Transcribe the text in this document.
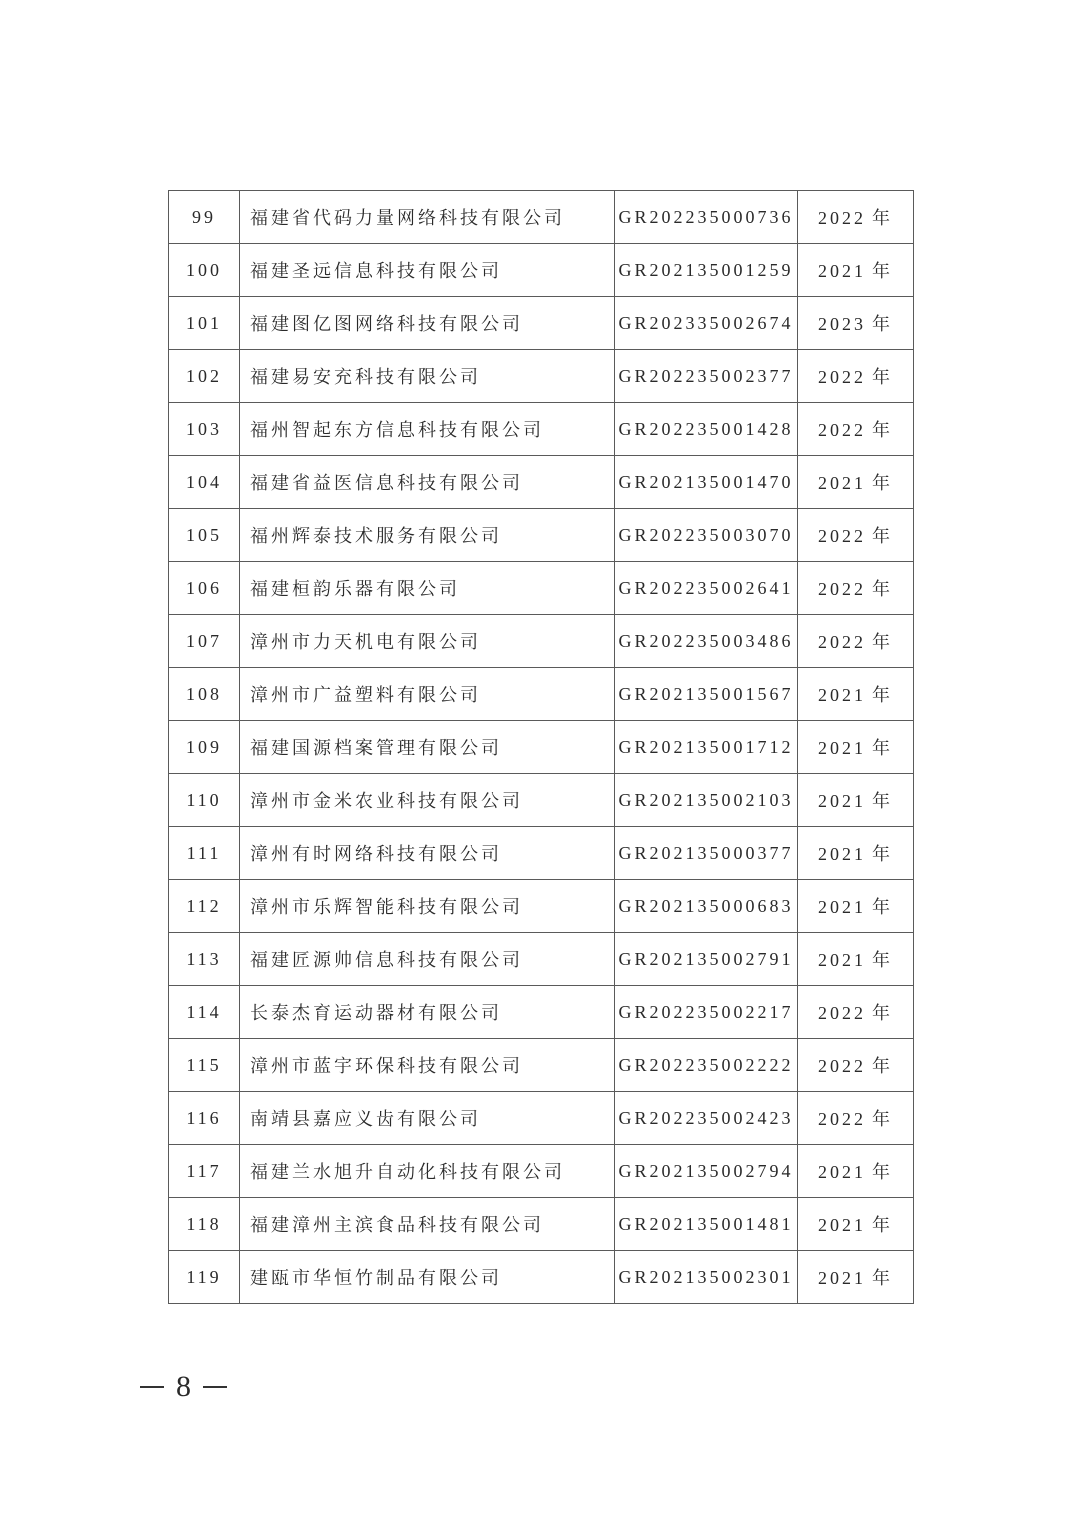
99	福建省代码力量网络科技有限公司	GR202235000736	2022 年
100	福建圣远信息科技有限公司	GR202135001259	2021 年
101	福建图亿图网络科技有限公司	GR202335002674	2023 年
102	福建易安充科技有限公司	GR202235002377	2022 年
103	福州智起东方信息科技有限公司	GR202235001428	2022 年
104	福建省益医信息科技有限公司	GR202135001470	2021 年
105	福州辉泰技术服务有限公司	GR202235003070	2022 年
106	福建桓韵乐器有限公司	GR202235002641	2022 年
107	漳州市力天机电有限公司	GR202235003486	2022 年
108	漳州市广益塑料有限公司	GR202135001567	2021 年
109	福建国源档案管理有限公司	GR202135001712	2021 年
110	漳州市金米农业科技有限公司	GR202135002103	2021 年
111	漳州有时网络科技有限公司	GR202135000377	2021 年
112	漳州市乐辉智能科技有限公司	GR202135000683	2021 年
113	福建匠源帅信息科技有限公司	GR202135002791	2021 年
114	长泰杰育运动器材有限公司	GR202235002217	2022 年
115	漳州市蓝宇环保科技有限公司	GR202235002222	2022 年
116	南靖县嘉应义齿有限公司	GR202235002423	2022 年
117	福建兰水旭升自动化科技有限公司	GR202135002794	2021 年
118	福建漳州主滨食品科技有限公司	GR202135001481	2021 年
119	建瓯市华恒竹制品有限公司	GR202135002301	2021 年
8
